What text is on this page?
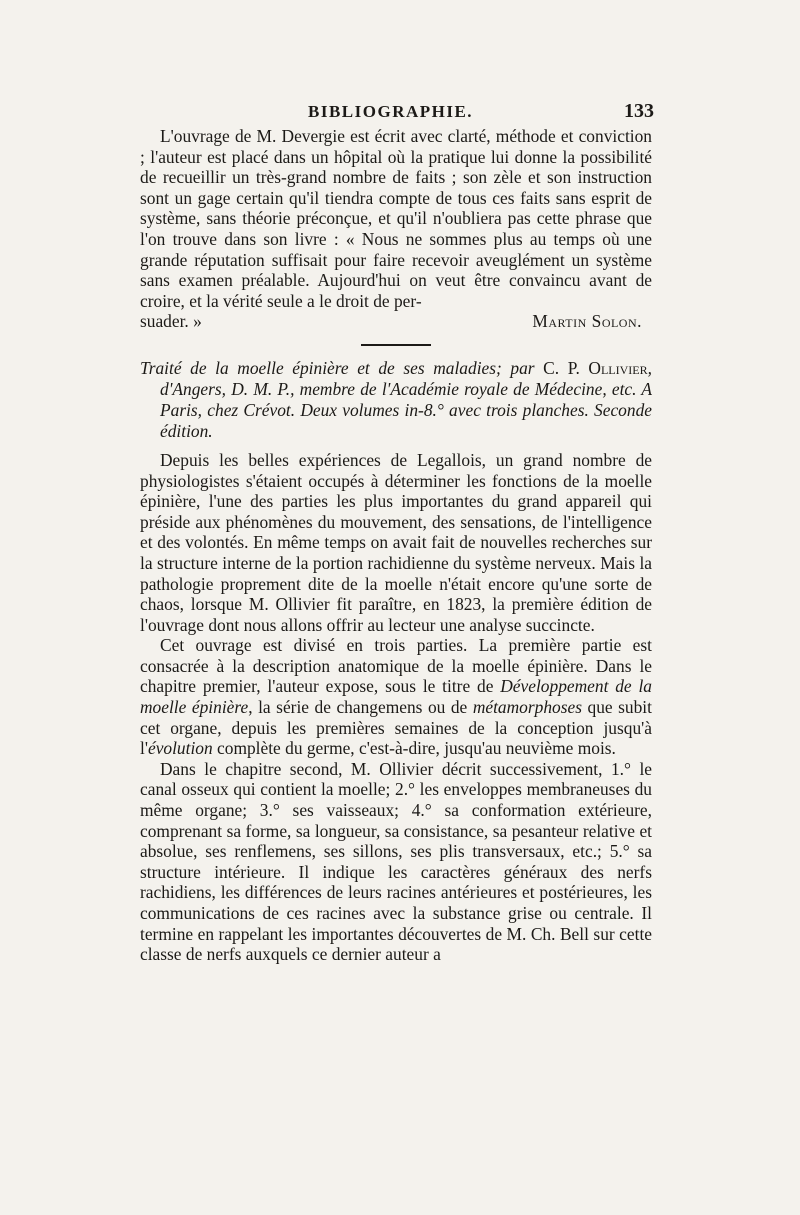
BIBLIOGRAPHIE.	133

L'ouvrage de M. Devergie est écrit avec clarté, méthode et conviction ; l'auteur est placé dans un hôpital où la pratique lui donne la possibilité de recueillir un très-grand nombre de faits ; son zèle et son instruction sont un gage certain qu'il tiendra compte de tous ces faits sans esprit de système, sans théorie préconçue, et qu'il n'oubliera pas cette phrase que l'on trouve dans son livre : « Nous ne sommes plus au temps où une grande réputation suffisait pour faire recevoir aveuglément un système sans examen préalable. Aujourd'hui on veut être convaincu avant de croire, et la vérité seule a le droit de per-

suader. »	Martin Solon.
Traité de la moelle épinière et de ses maladies; par C. P. Ollivier, d'Angers, D. M. P., membre de l'Académie royale de Médecine, etc. A Paris, chez Crévot. Deux volumes in-8.° avec trois planches. Seconde édition.

Depuis les belles expériences de Legallois, un grand nombre de physiologistes s'étaient occupés à déterminer les fonctions de la moelle épinière, l'une des parties les plus importantes du grand appareil qui préside aux phénomènes du mouvement, des sensations, de l'intelligence et des volontés. En même temps on avait fait de nouvelles recherches sur la structure interne de la portion rachidienne du système nerveux. Mais la pathologie proprement dite de la moelle n'était encore qu'une sorte de chaos, lorsque M. Ollivier fit paraître, en 1823, la première édition de l'ouvrage dont nous allons offrir au lecteur une analyse succincte.

Cet ouvrage est divisé en trois parties. La première partie est consacrée à la description anatomique de la moelle épinière. Dans le chapitre premier, l'auteur expose, sous le titre de Développement de la moelle épinière, la série de changemens ou de métamorphoses que subit cet organe, depuis les premières semaines de la conception jusqu'à l'évolution complète du germe, c'est-à-dire, jusqu'au neuvième mois.

Dans le chapitre second, M. Ollivier décrit successivement, 1.° le canal osseux qui contient la moelle; 2.° les enveloppes membraneuses du même organe; 3.° ses vaisseaux; 4.° sa conformation extérieure, comprenant sa forme, sa longueur, sa consistance, sa pesanteur relative et absolue, ses renflemens, ses sillons, ses plis transversaux, etc.; 5.° sa structure intérieure. Il indique les caractères généraux des nerfs rachidiens, les différences de leurs racines antérieures et postérieures, les communications de ces racines avec la substance grise ou centrale. Il termine en rappelant les importantes découvertes de M. Ch. Bell sur cette classe de nerfs auxquels ce dernier auteur a
